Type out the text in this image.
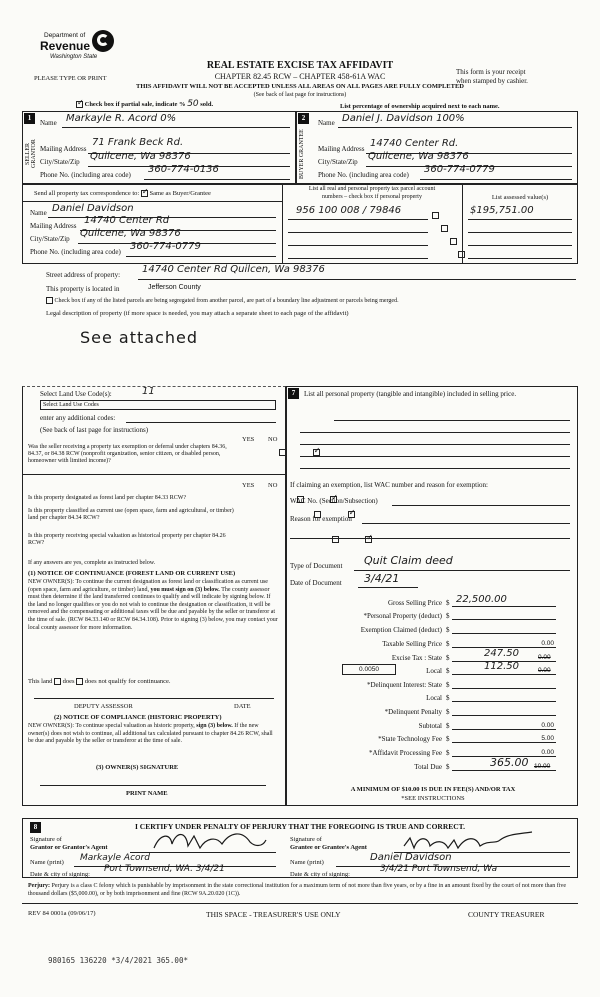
Department of
Revenue
Washington State
PLEASE TYPE OR PRINT
REAL ESTATE EXCISE TAX AFFIDAVIT
CHAPTER 82.45 RCW – CHAPTER 458-61A WAC
THIS AFFIDAVIT WILL NOT BE ACCEPTED UNLESS ALL AREAS ON ALL PAGES ARE FULLY COMPLETED
(See back of last page for instructions)
This form is your receipt
when stamped by cashier.
✓ Check box if partial sale, indicate % 50 sold.	List percentage of ownership acquired next to each name.
1	2
SELLER GRANTOR	BUYER GRANTEE
Name Markayle R. Acord 0%
Mailing Address
71 Frank Beck Rd.
City/State/Zip Quilcene, Wa 98376
Phone No. (including area code) 360-774-0136
Name Daniel J. Davidson 100%
Mailing Address 14740 Center Rd.
City/State/Zip Quilcene, Wa 98376
Phone No. (including area code) 360-774-0779
Send all property tax correspondence to: ✓ Same as Buyer/Grantee
Name Daniel Davidson
Mailing Address 14740 Center Rd
City/State/Zip Quilcene, Wa 98376
Phone No. (including area code) 360-774-0779
List all real and personal property tax parcel account
numbers – check box if personal property	List assessed value(s)
956 100 008 / 79846	$195,751.00

Street address of property: 14740 Center Rd Quilcen, Wa 98376
This property is located in	Jefferson County
Check box if any of the listed parcels are being segregated from another parcel, are part of a boundary line adjustment or parcels being merged.
Legal description of property (if more space is needed, you may attach a separate sheet to each page of the affidavit)
See attached
Select Land Use Code(s):	11
Select Land Use Codes
enter any additional codes:
(See back of last page for instructions)
YES NO
Was the seller receiving a property tax exemption or deferral under chapters 84.36, 84.37, or 84.38 RCW (nonprofit organization, senior citizen, or disabled person, homeowner with limited income)?
✓
YES NO
Is this property designated as forest land per chapter 84.33 RCW?
✓
Is this property classified as current use (open space, farm and agricultural, or timber) land per chapter 84.34 RCW?
✓
Is this property receiving special valuation as historical property per chapter 84.26 RCW?
✓
If any answers are yes, complete as instructed below.
(1) NOTICE OF CONTINUANCE (FOREST LAND OR CURRENT USE)
NEW OWNER(S): To continue the current designation as forest land or classification as current use (open space, farm and agriculture, or timber) land, you must sign on (3) below. The county assessor must then determine if the land transferred continues to qualify and will indicate by signing below. If the land no longer qualifies or you do not wish to continue the designation or classification, it will be removed and the compensating or additional taxes will be due and payable by the seller or transferor at the time of sale. (RCW 84.33.140 or RCW 84.34.108). Prior to signing (3) below, you may contact your local county assessor for more information.
This land does does not qualify for continuance.
DEPUTY ASSESSOR	DATE
(2) NOTICE OF COMPLIANCE (HISTORIC PROPERTY)
NEW OWNER(S): To continue special valuation as historic property, sign (3) below. If the new owner(s) does not wish to continue, all additional tax calculated pursuant to chapter 84.26 RCW, shall be due and payable by the seller or transferor at the time of sale.
(3) OWNER(S) SIGNATURE
PRINT NAME
7	List all personal property (tangible and intangible) included in selling price.
If claiming an exemption, list WAC number and reason for exemption:
WAC No. (Section/Subsection)
Reason for exemption
Type of Document Quit Claim deed
Date of Document 3/4/21
Gross Selling Price $ 22,500.00
*Personal Property (deduct) $
Exemption Claimed (deduct) $
Taxable Selling Price $	0.00
Excise Tax : State $	247.50	0.00
0.0050	Local $	112.50	0.00
*Delinquent Interest: State $
Local $
*Delinquent Penalty $
Subtotal $	0.00
*State Technology Fee $	5.00
*Affidavit Processing Fee $	0.00
Total Due $	365.00 10.00
A MINIMUM OF $10.00 IS DUE IN FEE(S) AND/OR TAX
*SEE INSTRUCTIONS
8	I CERTIFY UNDER PENALTY OF PERJURY THAT THE FOREGOING IS TRUE AND CORRECT.
Signature of
Grantor or Grantor's Agent
Name (print) Markayle Acord
Date & city of signing:
Port Townsend, WA. 3/4/21
Signature of
Grantee or Grantee's Agent
Name (print)	Daniel Davidson
Date & city of signing:
3/4/21 Port Townsend, Wa
Perjury: Perjury is a class C felony which is punishable by imprisonment in the state correctional institution for a maximum term of not more than five years, or by a fine in an amount fixed by the court of not more than five thousand dollars ($5,000.00), or by both imprisonment and fine (RCW 9A.20.020 (1C)).
REV 84 0001a (09/06/17)	THIS SPACE - TREASURER'S USE ONLY	COUNTY TREASURER
980165 136220 *3/4/2021 365.00*
